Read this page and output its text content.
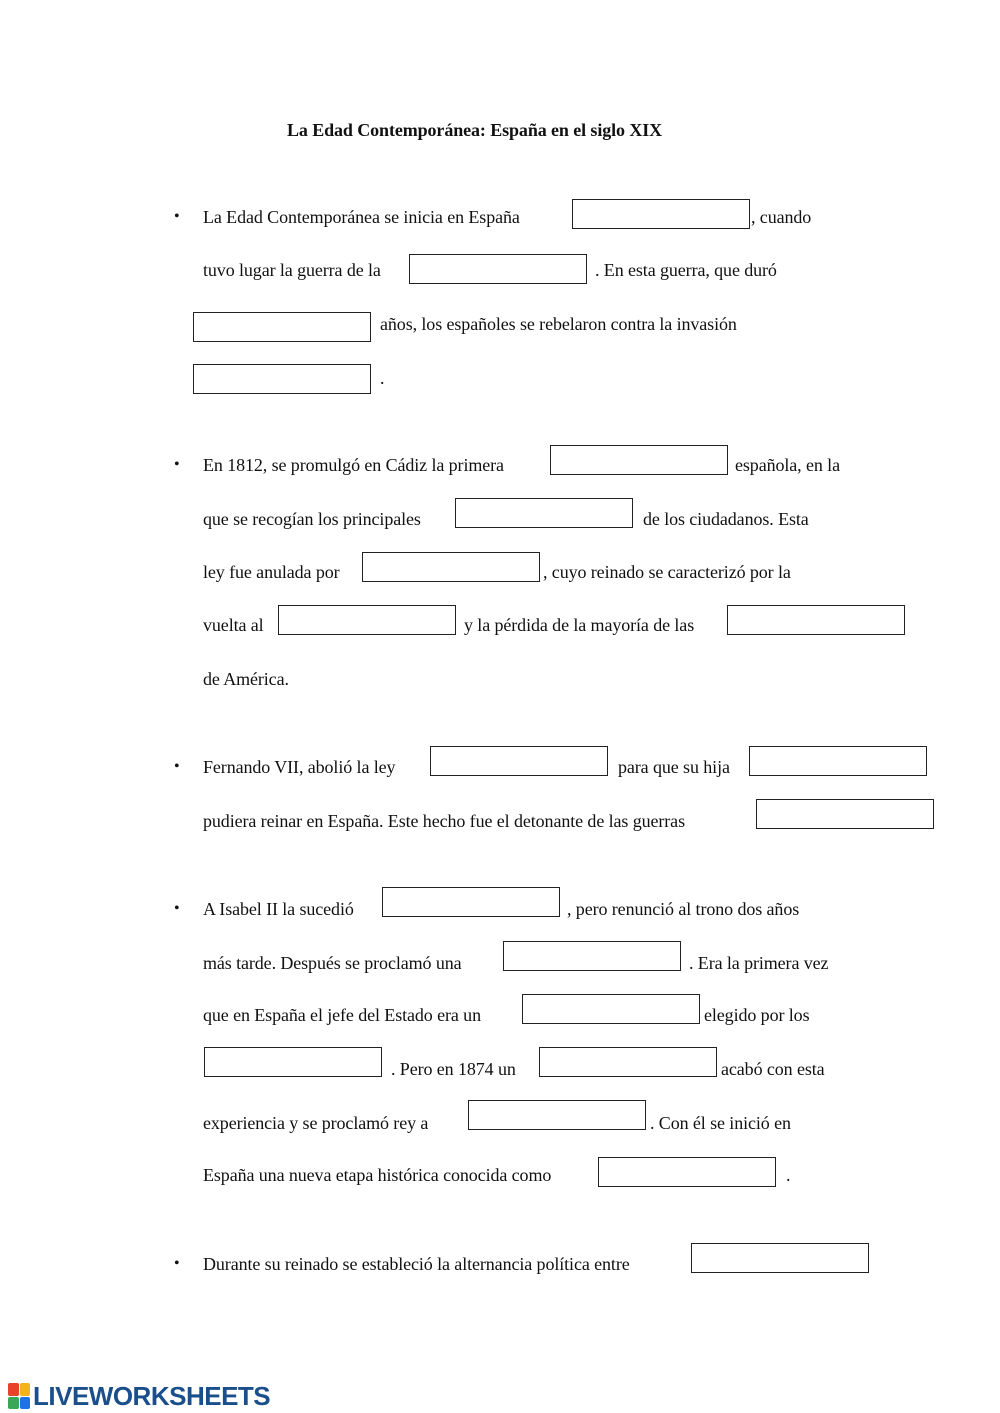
La Edad Contemporánea: España en el siglo XIX
• La Edad Contemporánea se inicia en España	, cuando
tuvo lugar la guerra de la	. En esta guerra, que duró
años, los españoles se rebelaron contra la invasión
.
• En 1812, se promulgó en Cádiz la primera	española, en la
que se recogían los principales	de los ciudadanos. Esta
ley fue anulada por	, cuyo reinado se caracterizó por la
vuelta al	y la pérdida de la mayoría de las
de América.
• Fernando VII, abolió la ley	para que su hija
pudiera reinar en España. Este hecho fue el detonante de las guerras
• A Isabel II la sucedió	, pero renunció al trono dos años
más tarde. Después se proclamó una	. Era la primera vez
que en España el jefe del Estado era un	elegido por los
. Pero en 1874 un	acabó con esta
experiencia y se proclamó rey a	. Con él se inició en
España una nueva etapa histórica conocida como	.
• Durante su reinado se estableció la alternancia política entre
LIVEWORKSHEETS
